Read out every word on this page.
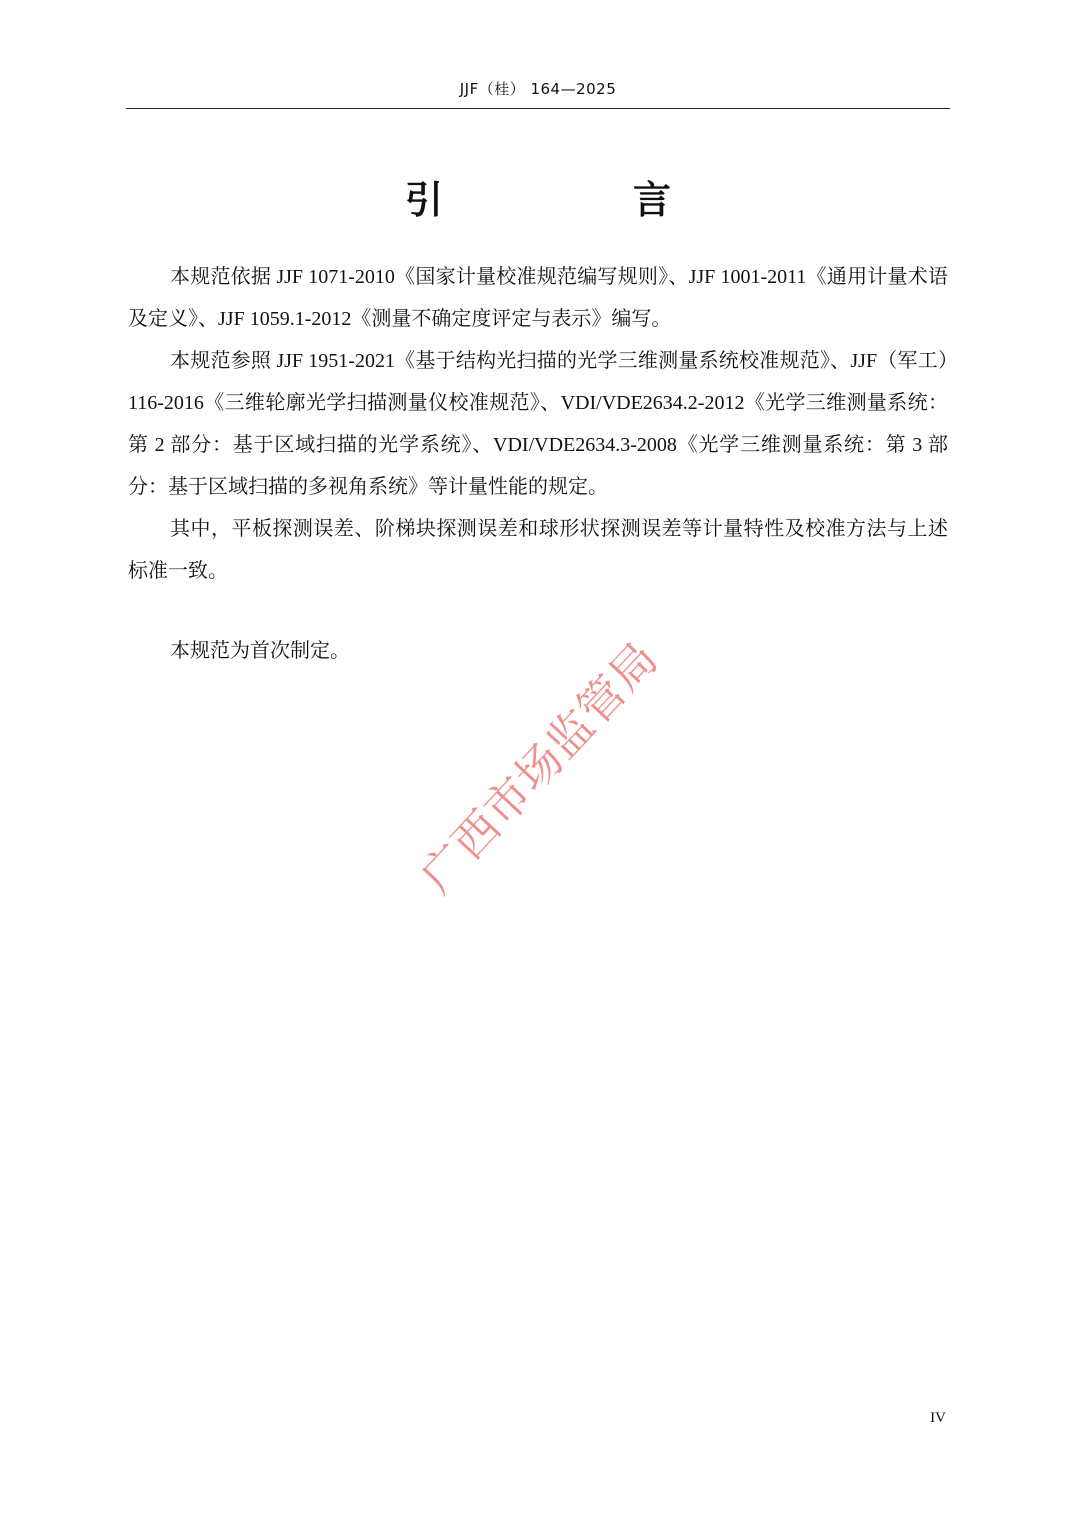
JJF（桂） 164—2025
引　言

本规范依据 JJF 1071-2010《国家计量校准规范编写规则》、JJF 1001-2011《通用计量术语及定义》、JJF 1059.1-2012《测量不确定度评定与表示》编写。

本规范参照 JJF 1951-2021《基于结构光扫描的光学三维测量系统校准规范》、JJF（军工）116-2016《三维轮廓光学扫描测量仪校准规范》、VDI/VDE2634.2-2012《光学三维测量系统：第 2 部分：基于区域扫描的光学系统》、VDI/VDE2634.3-2008《光学三维测量系统：第 3 部分：基于区域扫描的多视角系统》等计量性能的规定。

其中，平板探测误差、阶梯块探测误差和球形状探测误差等计量特性及校准方法与上述标准一致。

本规范为首次制定。	广西市场监管局
IV
